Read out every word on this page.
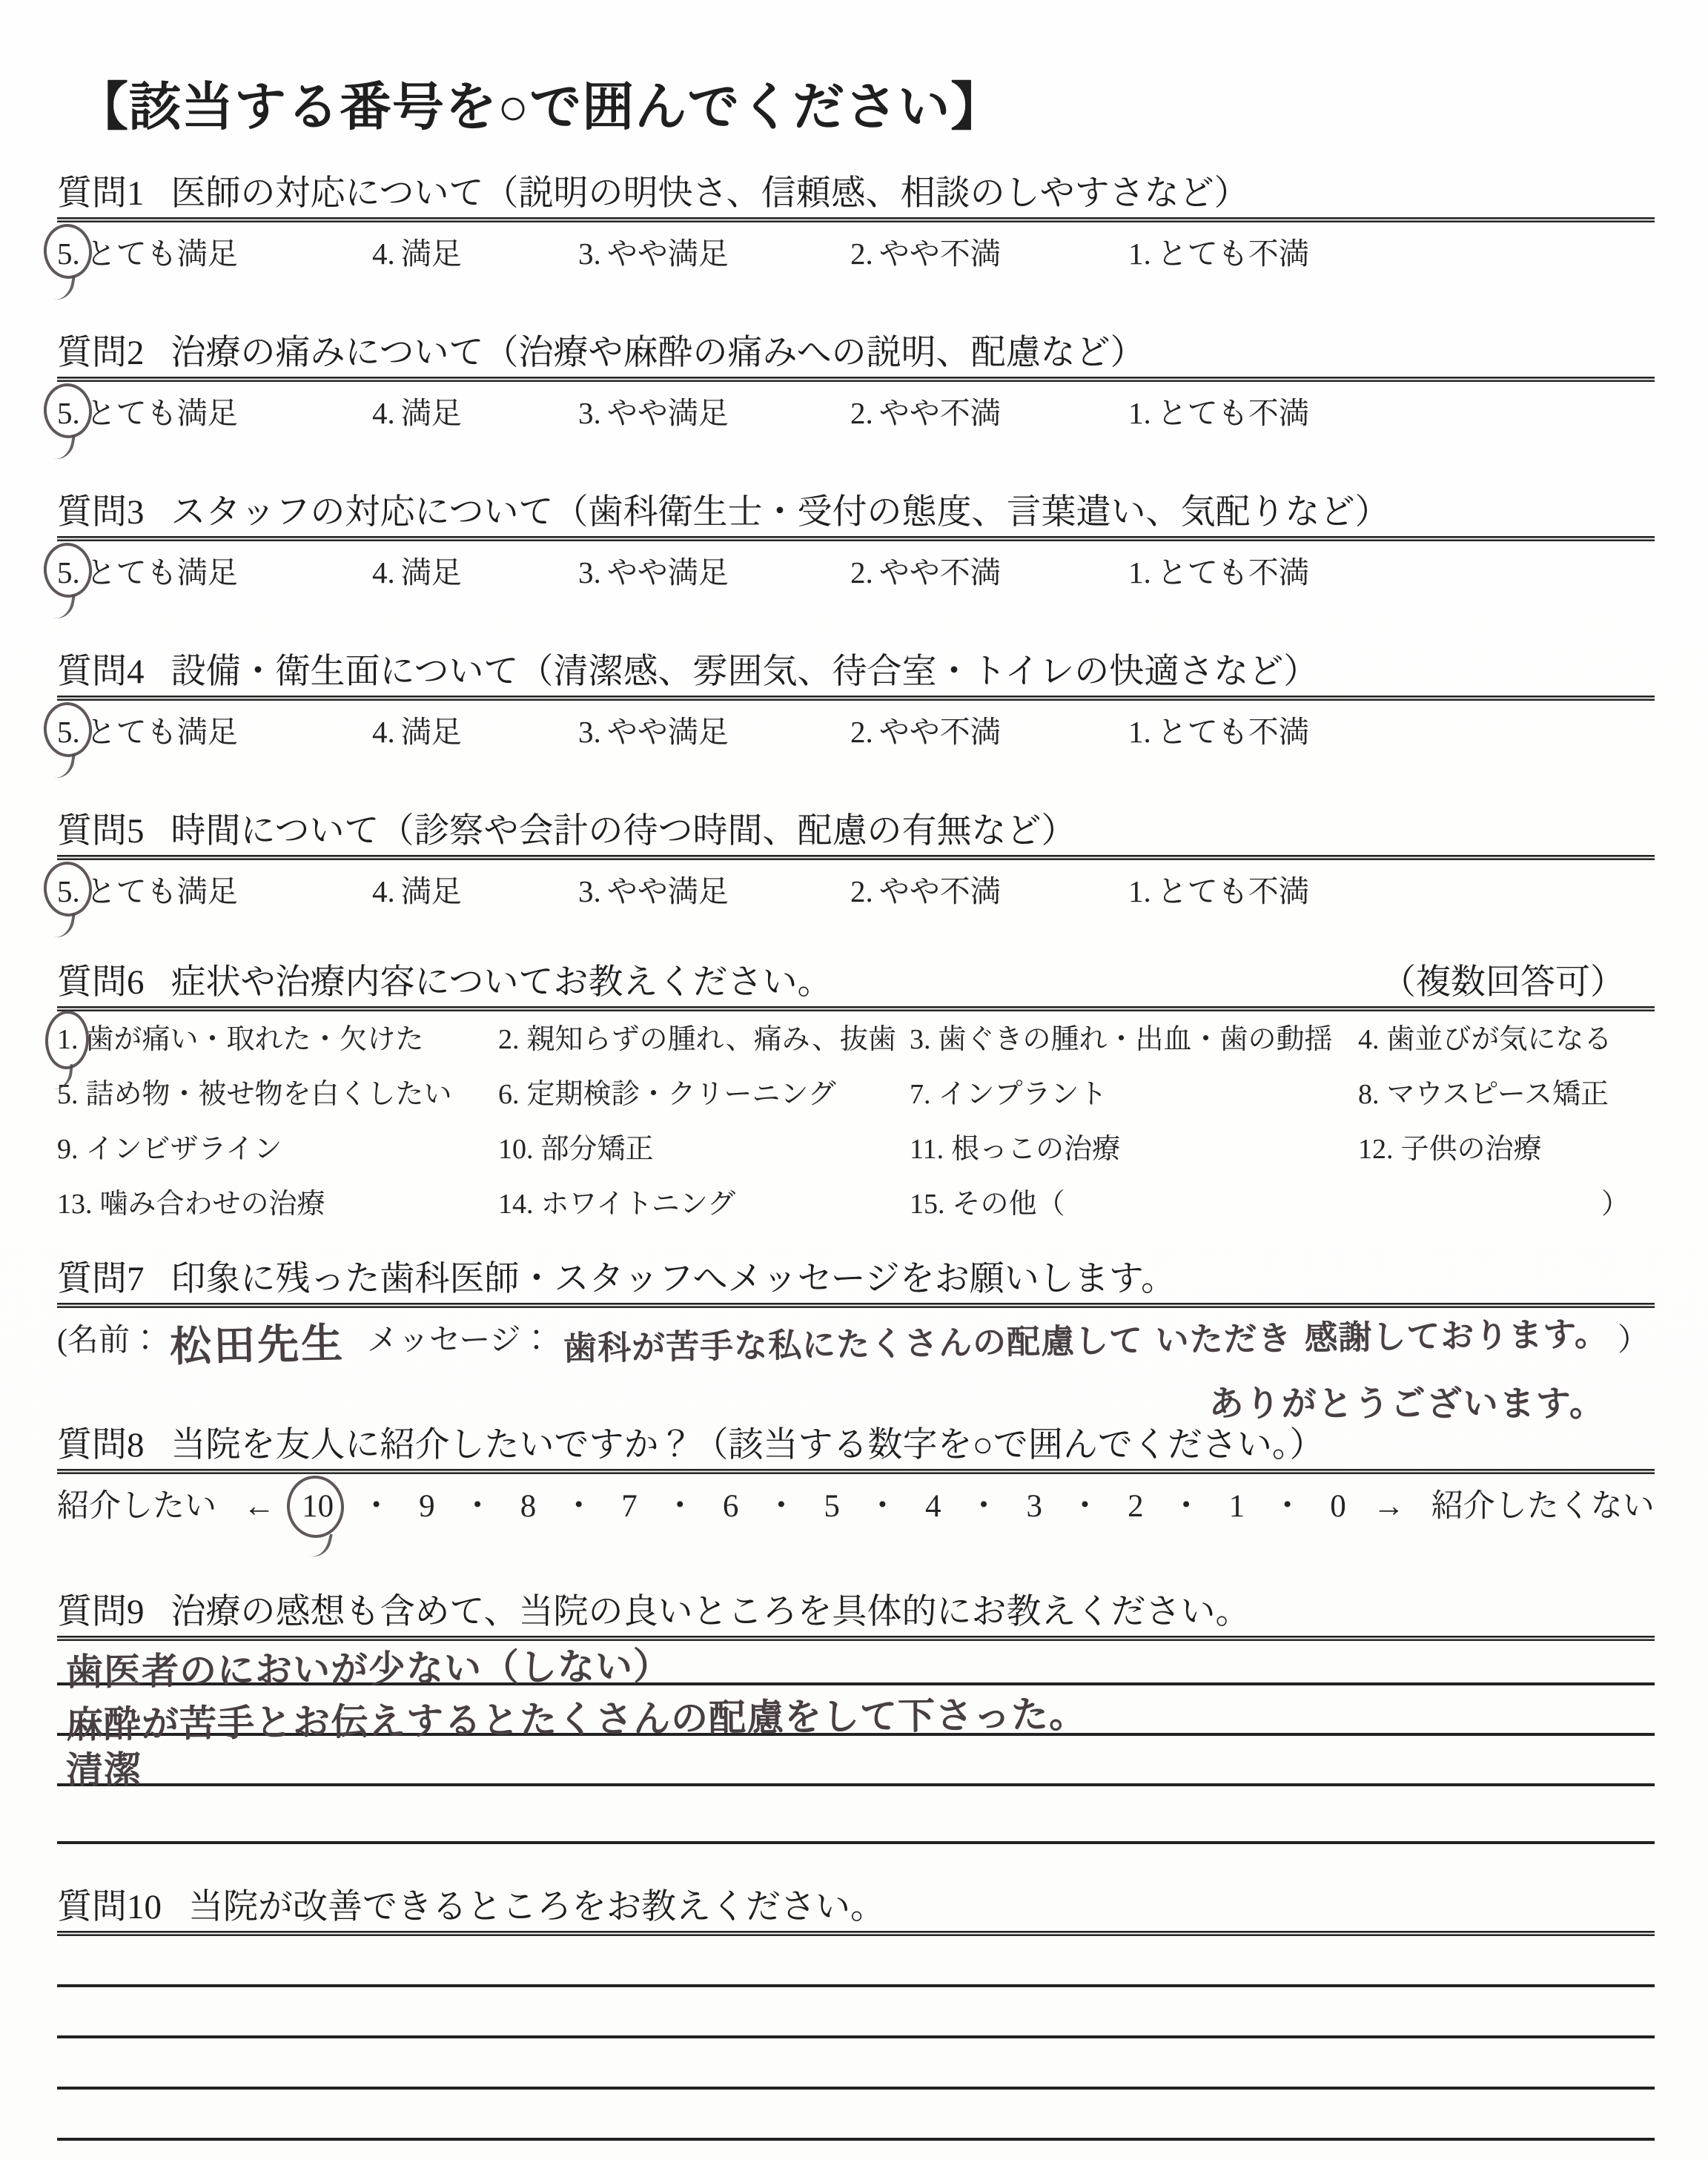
【該当する番号を○で囲んでください】
質問1 医師の対応について（説明の明快さ、信頼感、相談のしやすさなど）
5. とても満足	4. 満足	3. やや満足	2. やや不満	1. とても不満
質問2 治療の痛みについて（治療や麻酔の痛みへの説明、配慮など）
5. とても満足	4. 満足	3. やや満足	2. やや不満	1. とても不満
質問3 スタッフの対応について（歯科衛生士・受付の態度、言葉遣い、気配りなど）
5. とても満足	4. 満足	3. やや満足	2. やや不満	1. とても不満
質問4 設備・衛生面について（清潔感、雰囲気、待合室・トイレの快適さなど）
5. とても満足	4. 満足	3. やや満足	2. やや不満	1. とても不満
質問5 時間について（診察や会計の待つ時間、配慮の有無など）
5. とても満足	4. 満足	3. やや満足	2. やや不満	1. とても不満
質問6 症状や治療内容についてお教えください。	（複数回答可）
1. 歯が痛い・取れた・欠けた	2. 親知らずの腫れ、痛み、抜歯 3. 歯ぐきの腫れ・出血・歯の動揺 4. 歯並びが気になる
5. 詰め物・被せ物を白くしたい	6. 定期検診・クリーニング	7. インプラント	8. マウスピース矯正
9. インビザライン	10. 部分矯正	11. 根っこの治療	12. 子供の治療
13. 噛み合わせの治療	14. ホワイトニング	15. その他（	）
質問7 印象に残った歯科医師・スタッフへメッセージをお願いします。
(名前： 松田先生 メッセージ： 歯科が苦手な私にたくさんの配慮して いただき 感謝しております。 ）
ありがとうございます。
質問8 当院を友人に紹介したいですか？（該当する数字を○で囲んでください。）
紹介したい ← 10 ・ 9 ・ 8 ・ 7 ・ 6 ・ 5 ・ 4 ・ 3 ・ 2 ・ 1 ・ 0 → 紹介したくない
質問9 治療の感想も含めて、当院の良いところを具体的にお教えください。
歯医者のにおいが少ない（しない）
麻酔が苦手とお伝えするとたくさんの配慮をして下さった。
清潔
質問10 当院が改善できるところをお教えください。
